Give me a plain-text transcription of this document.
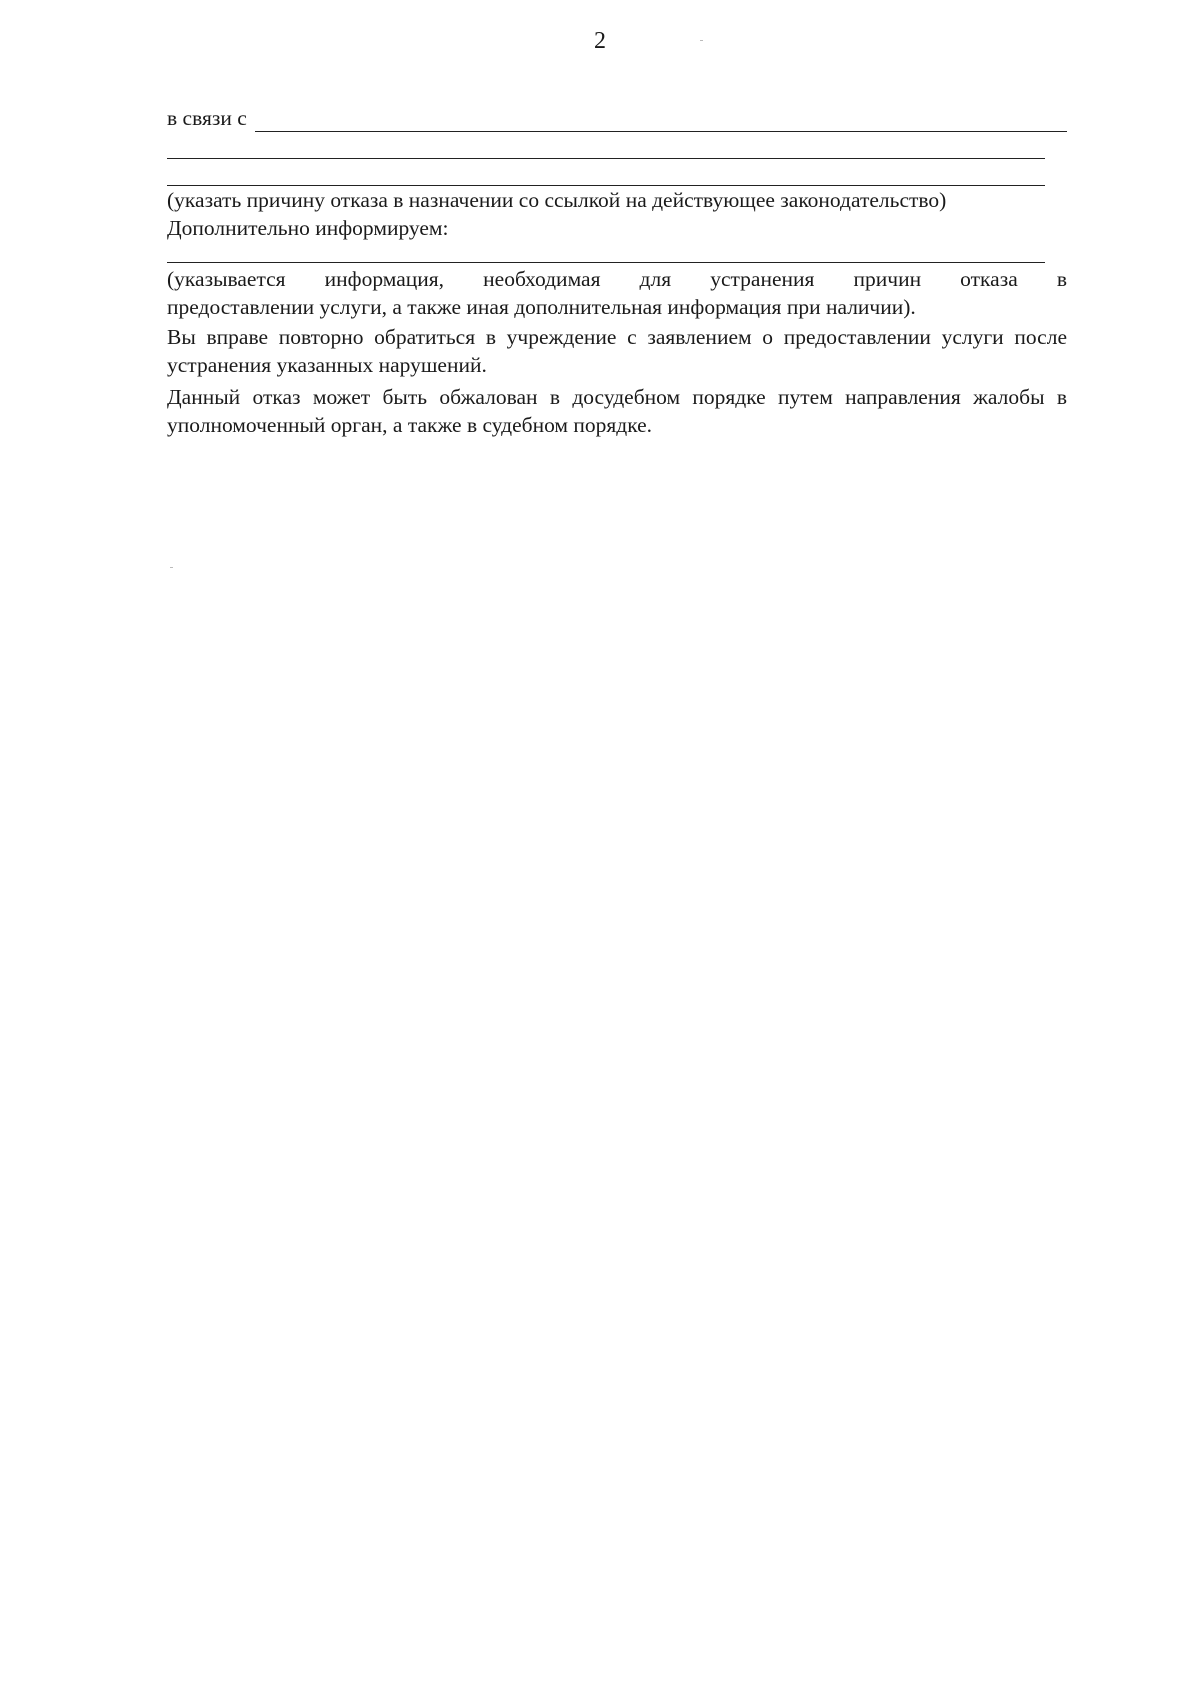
2
в связи с
(указать причину отказа в назначении со ссылкой на действующее законодательство)
Дополнительно информируем:
(указывается информация, необходимая для устранения причин отказа в
предоставлении услуги, а также иная дополнительная информация при наличии).
Вы вправе повторно обратиться в учреждение с заявлением о предоставлении услуги после устранения указанных нарушений.
Данный отказ может быть обжалован в досудебном порядке путем направления жалобы в уполномоченный орган, а также в судебном порядке.
